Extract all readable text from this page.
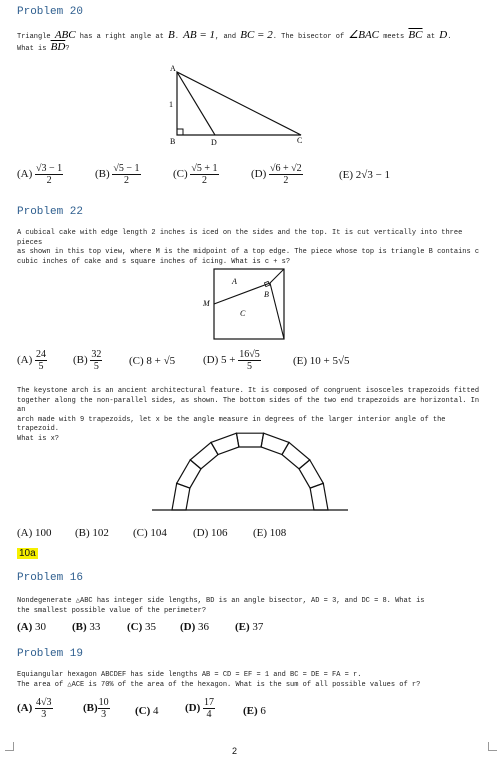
Problem 20

Triangle ABC has a right angle at B. AB = 1, and BC = 2. The bisector of ∠BAC meets $\overline{BC}$ at D.
What is $\overline{BD}$?

A
B	D	C
1
$(A) \frac{√3 - 1}{2}$	$(B) \frac{√5 - 1}{2}$	$(C) \frac{√5 + 1}{2}$	$(D) \frac{√6 + √2}{2}$	(E) 2√3 − 1
Problem 22

A cubical cake with edge length 2 inches is iced on the sides and the top. It is cut vertically into three pieces
as shown in this top view, where M is the midpoint of a top edge. The piece whose top is triangle B contains c
cubic inches of cake and s square inches of icing. What is c + s?

M
A
B
C
$(A) \frac{24}{5} (B) \frac{32}{5} (C) 8 + √5$	(D) $5 + \frac{16√5}{5}$	(E) 10 + 5√5

The keystone arch is an ancient architectural feature. It is composed of congruent isosceles trapezoids fitted
together along the non-parallel sides, as shown. The bottom sides of the two end trapezoids are horizontal. In an
arch made with 9 trapezoids, let x be the angle measure in degrees of the larger interior angle of the trapezoid.
What is x?

(A) 100 (B) 102 (C) 104 (D) 106 (E) 108
10a
Problem 16

Nondegenerate △ABC has integer side lengths, BD is an angle bisector, AD = 3, and DC = 8. What is
the smallest possible value of the perimeter?

(A) 30 (B) 33 (C) 35 (D) 36 (E) 37
Problem 19

Equiangular hexagon ABCDEF has side lengths AB = CD = EF = 1 and BC = DE = FA = r.
The area of △ACE is 70% of the area of the hexagon. What is the sum of all possible values of r?

$(A) \frac{4√3}{3}$	$(B) \frac{10}{3} (C)$ 4 $(D) \frac{17}{4}$	(E) 6
2
